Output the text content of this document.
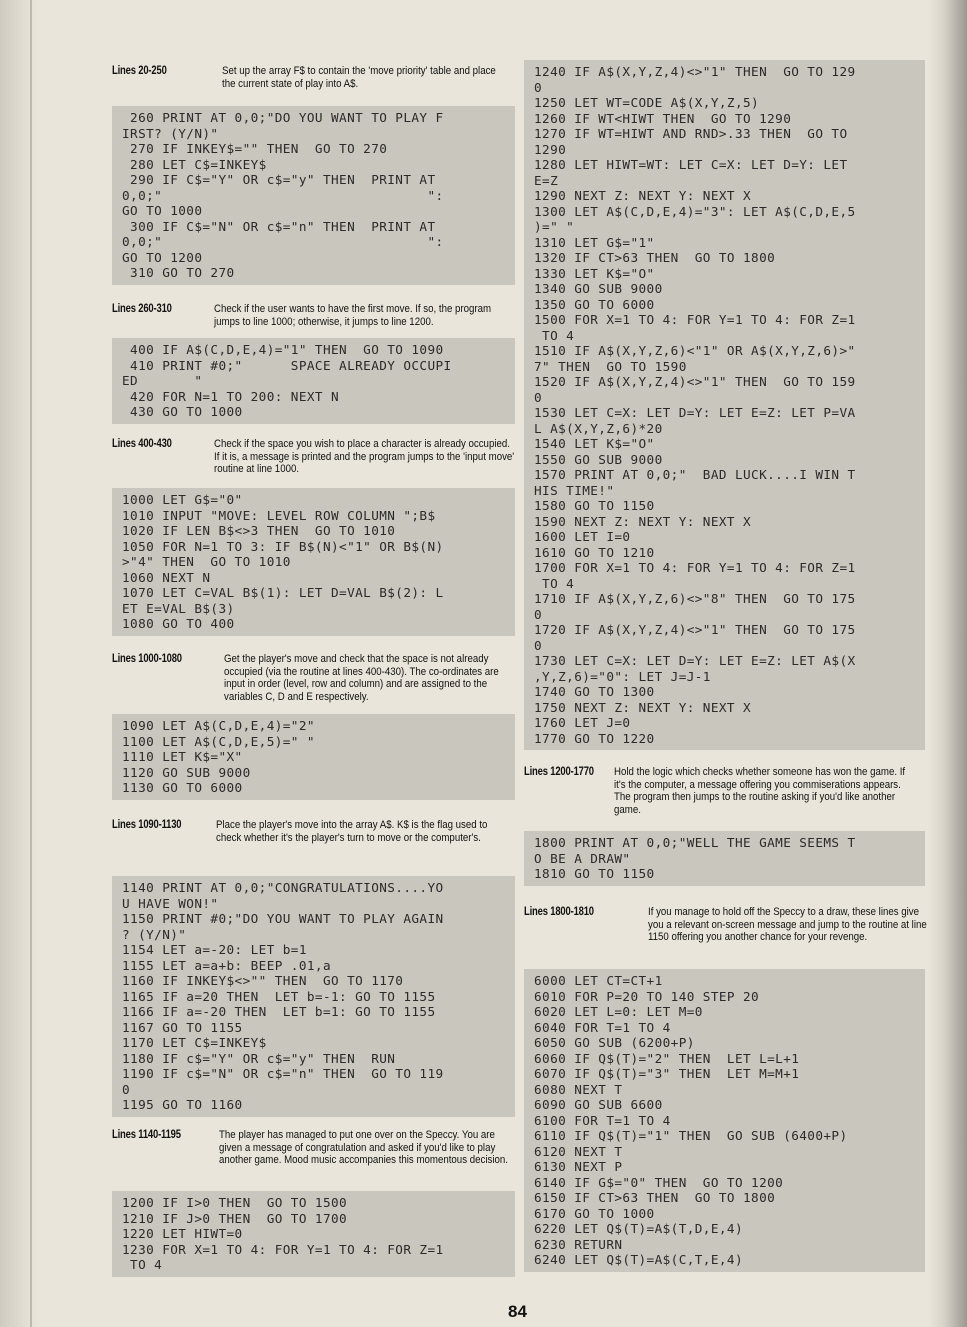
Lines 20-250	Set up the array F$ to contain the 'move priority' table and place the current state of play into A$.
260 PRINT AT 0,0;"DO YOU WANT TO PLAY F
IRST? (Y/N)"
270 IF INKEY$="" THEN  GO TO 270
280 LET C$=INKEY$
290 IF C$="Y" OR c$="y" THEN  PRINT AT
0,0;"                                 ":
GO TO 1000
300 IF C$="N" OR c$="n" THEN  PRINT AT
0,0;"                                 ":
GO TO 1200
310 GO TO 270
Lines 260-310	Check if the user wants to have the first move. If so, the program jumps to line 1000; otherwise, it jumps to line 1200.
400 IF A$(C,D,E,4)="1" THEN  GO TO 1090
410 PRINT #0;"      SPACE ALREADY OCCUPI
ED       "
420 FOR N=1 TO 200: NEXT N
430 GO TO 1000
Lines 400-430	Check if the space you wish to place a character is already occupied. If it is, a message is printed and the program jumps to the 'input move' routine at line 1000.
1000 LET G$="0"
1010 INPUT "MOVE: LEVEL ROW COLUMN ";B$
1020 IF LEN B$<>3 THEN  GO TO 1010
1050 FOR N=1 TO 3: IF B$(N)<"1" OR B$(N)
>"4" THEN  GO TO 1010
1060 NEXT N
1070 LET C=VAL B$(1): LET D=VAL B$(2): L
ET E=VAL B$(3)
1080 GO TO 400
Lines 1000-1080	Get the player's move and check that the space is not already occupied (via the routine at lines 400-430). The co-ordinates are input in order (level, row and column) and are assigned to the variables C, D and E respectively.
1090 LET A$(C,D,E,4)="2"
1100 LET A$(C,D,E,5)=" "
1110 LET K$="X"
1120 GO SUB 9000
1130 GO TO 6000
Lines 1090-1130	Place the player's move into the array A$. K$ is the flag used to check whether it's the player's turn to move or the computer's.
1140 PRINT AT 0,0;"CONGRATULATIONS....YO
U HAVE WON!"
1150 PRINT #0;"DO YOU WANT TO PLAY AGAIN
? (Y/N)"
1154 LET a=-20: LET b=1
1155 LET a=a+b: BEEP .01,a
1160 IF INKEY$<>"" THEN  GO TO 1170
1165 IF a=20 THEN  LET b=-1: GO TO 1155
1166 IF a=-20 THEN  LET b=1: GO TO 1155
1167 GO TO 1155
1170 LET C$=INKEY$
1180 IF c$="Y" OR c$="y" THEN  RUN
1190 IF c$="N" OR c$="n" THEN  GO TO 119
0
1195 GO TO 1160
Lines 1140-1195	The player has managed to put one over on the Speccy. You are given a message of congratulation and asked if you'd like to play another game. Mood music accompanies this momentous decision.
1200 IF I>0 THEN  GO TO 1500
1210 IF J>0 THEN  GO TO 1700
1220 LET HIWT=0
1230 FOR X=1 TO 4: FOR Y=1 TO 4: FOR Z=1
TO 4
1240 IF A$(X,Y,Z,4)<>"1" THEN  GO TO 129
0
1250 LET WT=CODE A$(X,Y,Z,5)
1260 IF WT<HIWT THEN  GO TO 1290
1270 IF WT=HIWT AND RND>.33 THEN  GO TO
1290
1280 LET HIWT=WT: LET C=X: LET D=Y: LET
E=Z
1290 NEXT Z: NEXT Y: NEXT X
1300 LET A$(C,D,E,4)="3": LET A$(C,D,E,5
)=" "
1310 LET G$="1"
1320 IF CT>63 THEN  GO TO 1800
1330 LET K$="O"
1340 GO SUB 9000
1350 GO TO 6000
1500 FOR X=1 TO 4: FOR Y=1 TO 4: FOR Z=1
TO 4
1510 IF A$(X,Y,Z,6)<"1" OR A$(X,Y,Z,6)>"
7" THEN  GO TO 1590
1520 IF A$(X,Y,Z,4)<>"1" THEN  GO TO 159
0
1530 LET C=X: LET D=Y: LET E=Z: LET P=VA
L A$(X,Y,Z,6)*20
1540 LET K$="O"
1550 GO SUB 9000
1570 PRINT AT 0,0;"  BAD LUCK....I WIN T
HIS TIME!"
1580 GO TO 1150
1590 NEXT Z: NEXT Y: NEXT X
1600 LET I=0
1610 GO TO 1210
1700 FOR X=1 TO 4: FOR Y=1 TO 4: FOR Z=1
TO 4
1710 IF A$(X,Y,Z,6)<>"8" THEN  GO TO 175
0
1720 IF A$(X,Y,Z,4)<>"1" THEN  GO TO 175
0
1730 LET C=X: LET D=Y: LET E=Z: LET A$(X
,Y,Z,6)="0": LET J=J-1
1740 GO TO 1300
1750 NEXT Z: NEXT Y: NEXT X
1760 LET J=0
1770 GO TO 1220
Lines 1200-1770 Hold the logic which checks whether someone has won the game. If it's the computer, a message offering you commiserations appears. The program then jumps to the routine asking if you'd like another game.
1800 PRINT AT 0,0;"WELL THE GAME SEEMS T
O BE A DRAW"
1810 GO TO 1150
Lines 1800-1810	If you manage to hold off the Speccy to a draw, these lines give you a relevant on-screen message and jump to the routine at line 1150 offering you another chance for your revenge.
6000 LET CT=CT+1
6010 FOR P=20 TO 140 STEP 20
6020 LET L=0: LET M=0
6040 FOR T=1 TO 4
6050 GO SUB (6200+P)
6060 IF Q$(T)="2" THEN  LET L=L+1
6070 IF Q$(T)="3" THEN  LET M=M+1
6080 NEXT T
6090 GO SUB 6600
6100 FOR T=1 TO 4
6110 IF Q$(T)="1" THEN  GO SUB (6400+P)
6120 NEXT T
6130 NEXT P
6140 IF G$="0" THEN  GO TO 1200
6150 IF CT>63 THEN  GO TO 1800
6170 GO TO 1000
6220 LET Q$(T)=A$(T,D,E,4)
6230 RETURN
6240 LET Q$(T)=A$(C,T,E,4)
84
